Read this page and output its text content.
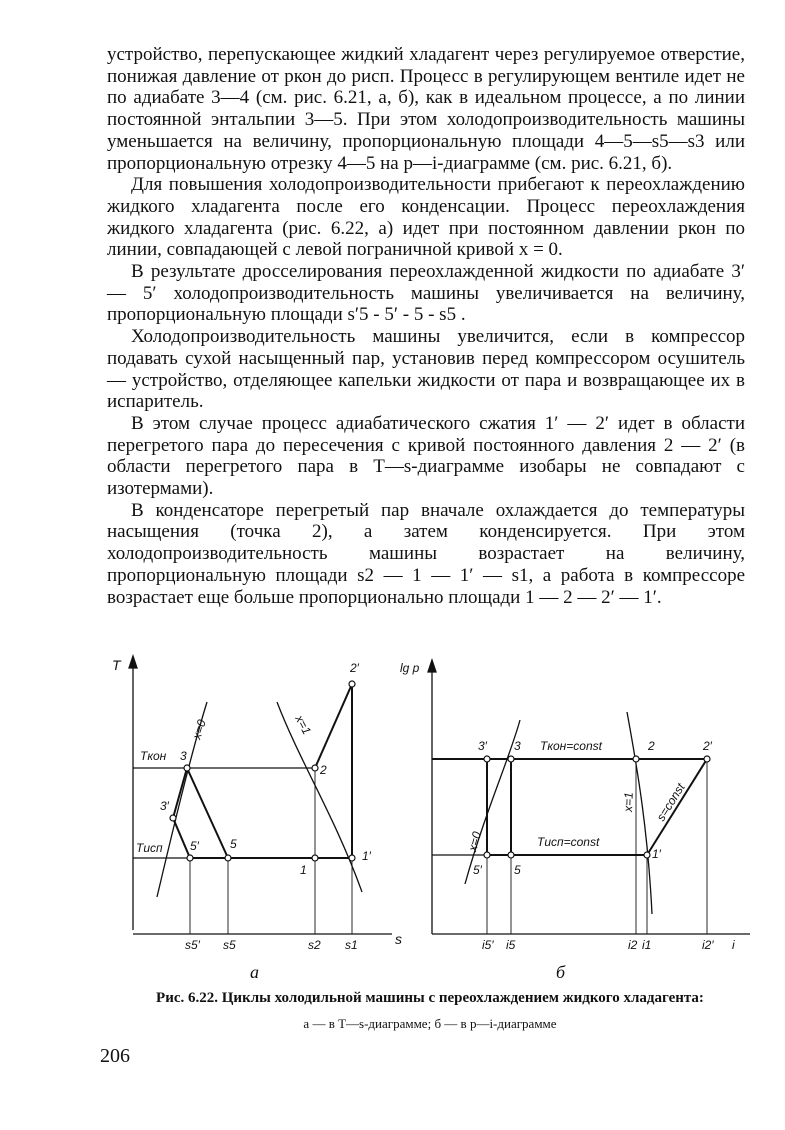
устройство, перепускающее жидкий хладагент через регулируемое отверстие, понижая давление от pкон до pисп. Процесс в регулирующем вентиле идет не по адиабате 3—4 (см. рис. 6.21, а, б), как в идеальном процессе, а по линии постоянной энтальпии 3—5. При этом холодопроизводительность машины уменьшается на величину, пропорциональную площади 4—5—s5—s3 или пропорциональную отрезку 4—5 на p—i-диаграмме (см. рис. 6.21, б).

Для повышения холодопроизводительности прибегают к переохлаждению жидкого хладагента после его конденсации. Процесс переохлаждения жидкого хладагента (рис. 6.22, а) идет при постоянном давлении pкон по линии, совпадающей с левой пограничной кривой x = 0.

В результате дросселирования переохлажденной жидкости по адиабате 3′ — 5′ холодопроизводительность машины увеличивается на величину, пропорциональную площади s′5 - 5′ - 5 - s5 .

Холодопроизводительность машины увеличится, если в компрессор подавать сухой насыщенный пар, установив перед компрессором осушитель — устройство, отделяющее капельки жидкости от пара и возвращающее их в испаритель.

В этом случае процесс адиабатического сжатия 1′ — 2′ идет в области перегретого пара до пересечения с кривой постоянного давления 2 — 2′ (в области перегретого пара в T—s-диаграмме изобары не совпадают с изотермами).

В конденсаторе перегретый пар вначале охлаждается до температуры насыщения (точка 2), а затем конденсируется. При этом холодопроизводительность машины возрастает на величину, пропорциональную площади s2 — 1 — 1′ — s1, а работа в компрессоре возрастает еще больше пропорционально площади 1 — 2 — 2′ — 1′.

T
s
x=0	x=1
Tкон
Tисп
3
3′
5′	5
1
1′
2
2′
s5′ s5	s2 s1
lg p
x=0
x=1
Tкон=const
Tисп=const
s=const
3′ 3	2	2′
5′	5
1′
i5′ i5	i2 i1	i2′ i
а	б
Рис. 6.22. Циклы холодильной машины с переохлаждением жидкого хладагента:
а — в T—s-диаграмме; б — в p—i-диаграмме
206
